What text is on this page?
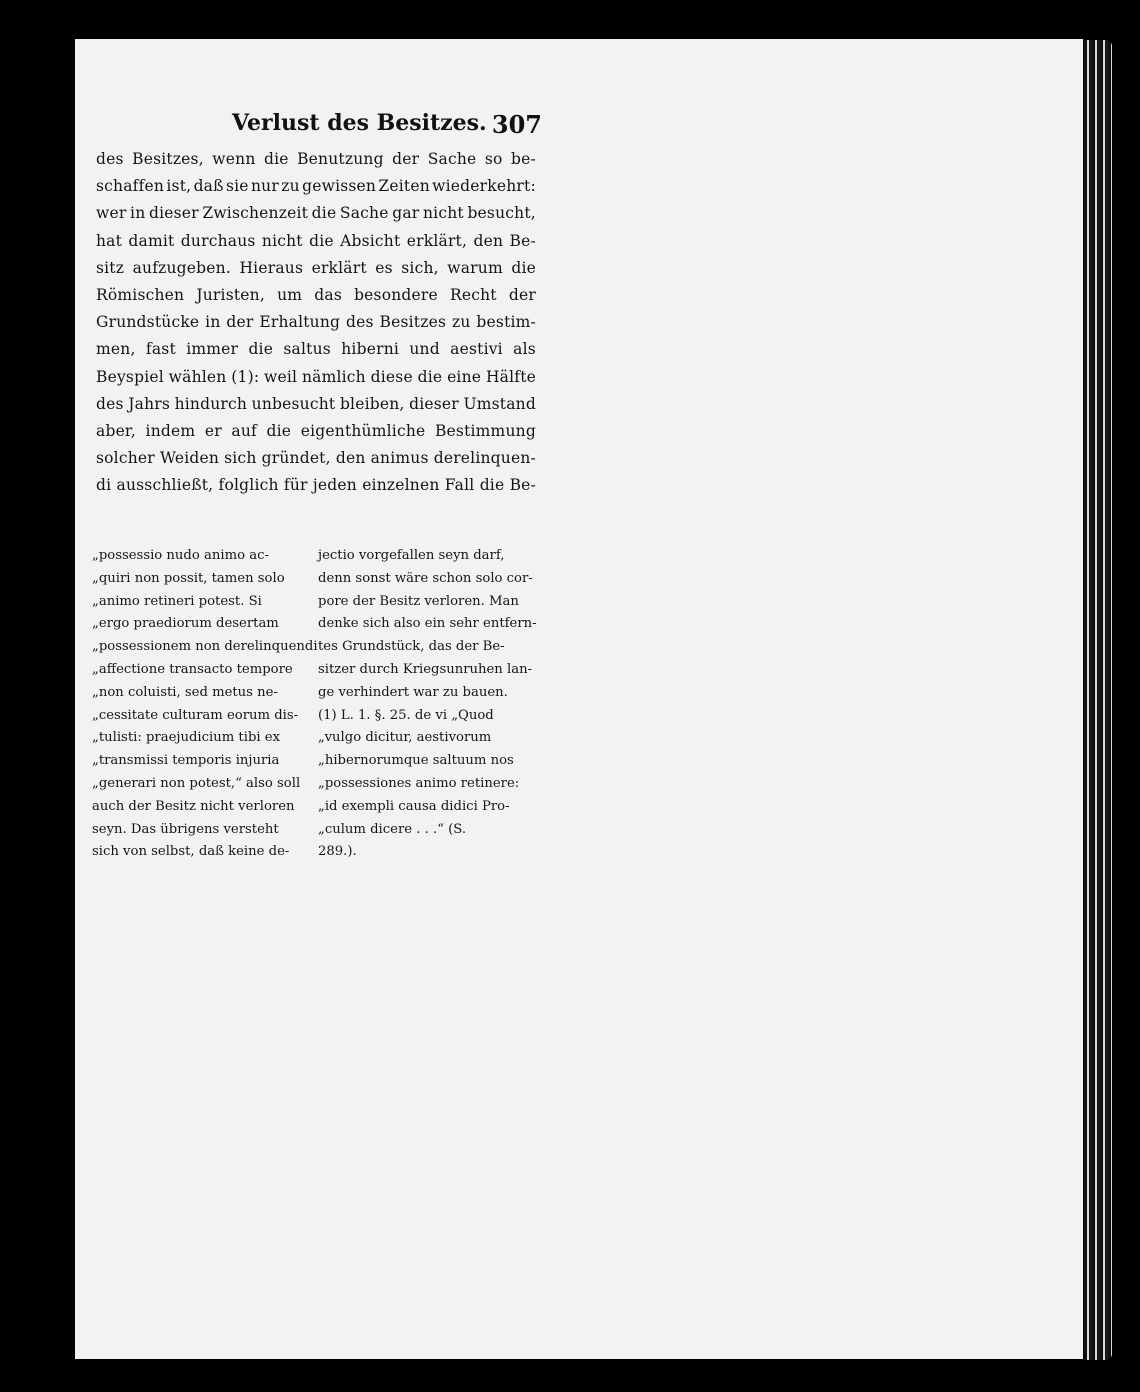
Verlust des Besitzes. 307
des Besitzes, wenn die Benutzung der Sache so be-
schaffen ist, daß sie nur zu gewissen Zeiten wiederkehrt:
wer in dieser Zwischenzeit die Sache gar nicht besucht,
hat damit durchaus nicht die Absicht erklärt, den Be-
sitz aufzugeben. Hieraus erklärt es sich, warum die
Römischen Juristen, um das besondere Recht der
Grundstücke in der Erhaltung des Besitzes zu bestim-
men, fast immer die saltus hiberni und aestivi als
Beyspiel wählen (1): weil nämlich diese die eine Hälfte
des Jahrs hindurch unbesucht bleiben, dieser Umstand
aber, indem er auf die eigenthümliche Bestimmung
solcher Weiden sich gründet, den animus derelinquen-
di ausschließt, folglich für jeden einzelnen Fall die Be-
„possessio nudo animo ac-
„quiri non possit, tamen solo
„animo retineri potest. Si
„ergo praediorum desertam
„possessionem non derelinquendi
„affectione transacto tempore
„non coluisti, sed metus ne-
„cessitate culturam eorum dis-
„tulisti: praejudicium tibi ex
„transmissi temporis injuria
„generari non potest,“ also soll
auch der Besitz nicht verloren
seyn. Das übrigens versteht
sich von selbst, daß keine de-
jectio vorgefallen seyn darf,
denn sonst wäre schon solo cor-
pore der Besitz verloren. Man
denke sich also ein sehr entfern-
tes Grundstück, das der Be-
sitzer durch Kriegsunruhen lan-
ge verhindert war zu bauen.
(1) L. 1. §. 25. de vi „Quod
„vulgo dicitur, aestivorum
„hibernorumque saltuum nos
„possessiones animo retinere:
„id exempli causa didici Pro-
„culum dicere . . .“ (S.
289.).
